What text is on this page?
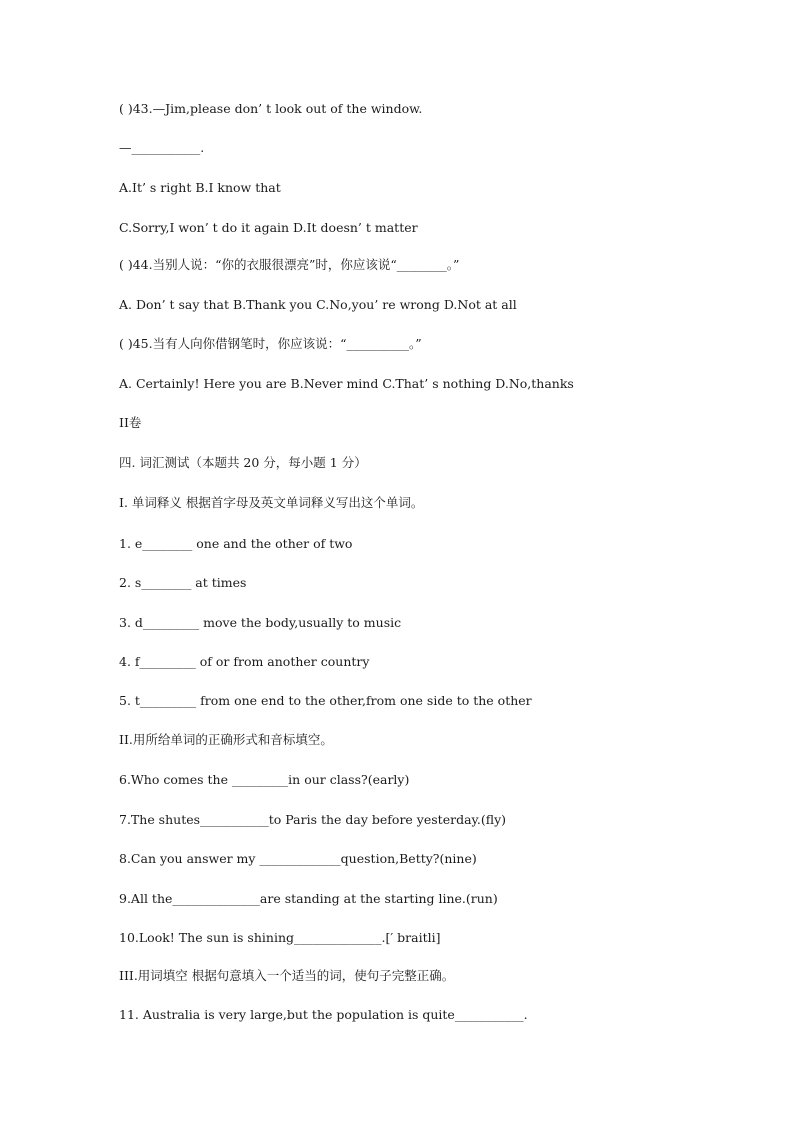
( )43.—Jim,please don’ t look out of the window.

—___________.

A.It’ s right B.I know that

C.Sorry,I won’ t do it again D.It doesn’ t matter

( )44.当别人说：“你的衣服很漂亮”时，你应该说“________。”

A. Don’ t say that B.Thank you C.No,you’ re wrong D.Not at all

( )45.当有人向你借钢笔时，你应该说：“__________。”

A. Certainly! Here you are B.Never mind C.That’ s nothing D.No,thanks

II卷

四. 词汇测试（本题共 20 分，每小题 1 分）

I. 单词释义 根据首字母及英文单词释义写出这个单词。

1. e________ one and the other of two

2. s________ at times

3. d_________ move the body,usually to music

4. f_________ of or from another country

5. t_________ from one end to the other,from one side to the other

II.用所给单词的正确形式和音标填空。

6.Who comes the _________in our class?(early)

7.The shutes___________to Paris the day before yesterday.(fly)

8.Can you answer my _____________question,Betty?(nine)

9.All the______________are standing at the starting line.(run)

10.Look! The sun is shining______________.[′ braitli]

III.用词填空 根据句意填入一个适当的词，使句子完整正确。

11. Australia is very large,but the population is quite___________.
